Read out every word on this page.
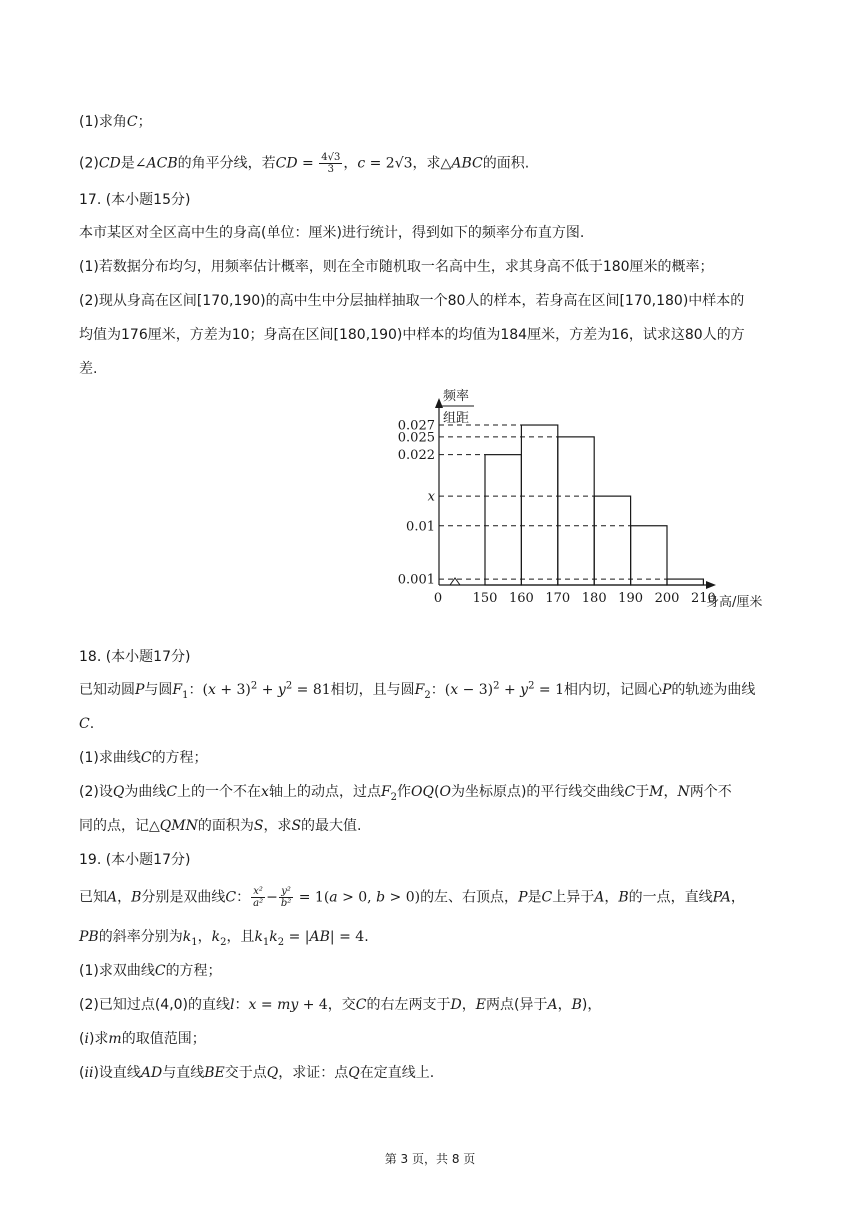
(1)求角C；
(2)CD是∠ACB的角平分线，若CD = $\frac{4√3}{3}$ ，c = 2√3，求△ABC的面积.
17. (本小题15分)
本市某区对全区高中生的身高(单位：厘米)进行统计，得到如下的频率分布直方图.
(1)若数据分布均匀，用频率估计概率，则在全市随机取一名高中生，求其身高不低于180厘米的概率；
(2)现从身高在区间[170,190)的高中生中分层抽样抽取一个80人的样本，若身高在区间[170,180)中样本的
均值为176厘米，方差为10；身高在区间[180,190)中样本的均值为184厘米，方差为16，试求这80人的方
差.
频率
组距
身高/厘米
0
0.027
0.025
0.022
x
0.01
0.001
150 160 170 180 190 200 210
18. (本小题17分)
已知动圆P与圆$F_1$：$(x + 3)^2 + y^2 = 81$相切，且与圆$F_2$：$(x - 3)^2 + y^2 = 1$相内切，记圆心P的轨迹为曲线
C.
(1)求曲线C的方程；
(2)设Q为曲线C上的一个不在x轴上的动点，过点$F_2$作OQ(O为坐标原点)的平行线交曲线C于M，N两个不
同的点，记△QMN的面积为S，求S的最大值.
19. (本小题17分)
已知A，B分别是双曲线C： $\frac{\text{x²}}{\text{a²}} - \frac{\text{y²}}{\text{b²}} = 1(a > 0$, b > 0)的左、右顶点，P是C上异于A，B的一点，直线PA，
PB的斜率分别为$k_1$，$k_2$，且$k_1k_2 = |AB| = 4$.
(1)求双曲线C的方程；
(2)已知过点(4,0)的直线l：x = my + 4，交C的右左两支于D，E两点(异于A，B)，
(i)求m的取值范围；
(ii)设直线AD与直线BE交于点Q，求证：点Q在定直线上.
第 3 页，共 8 页
